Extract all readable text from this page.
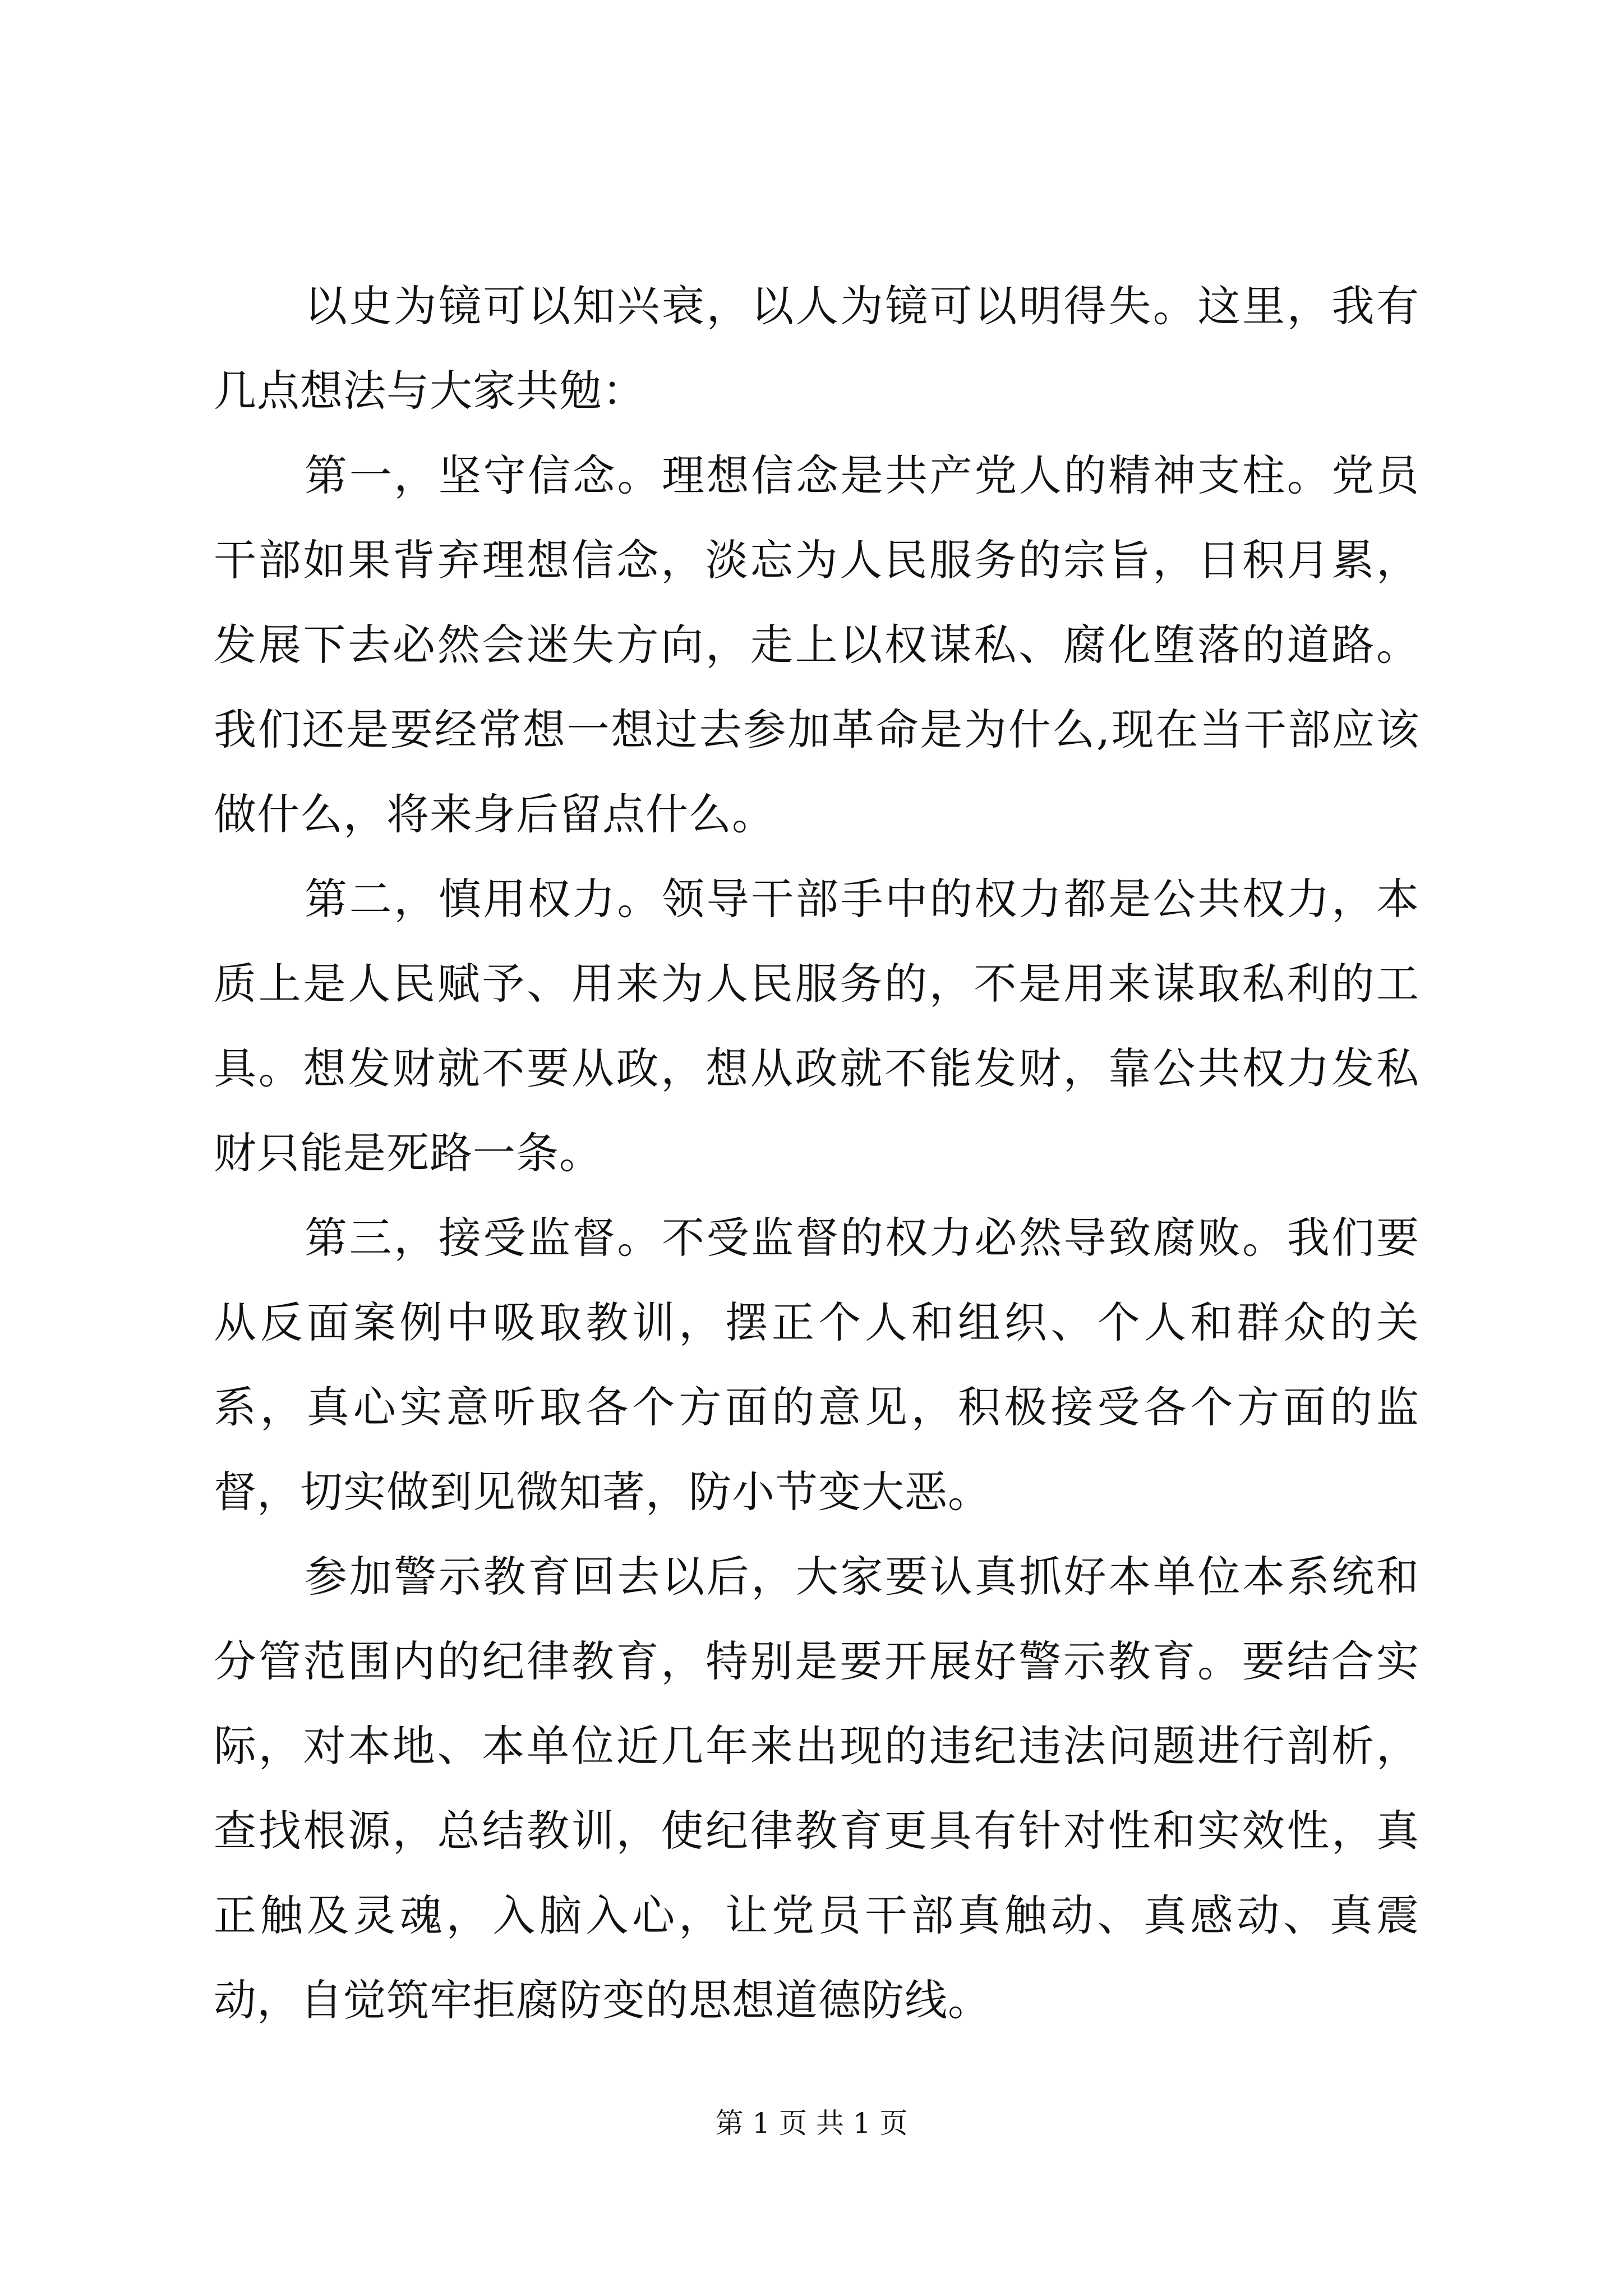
以史为镜可以知兴衰，以人为镜可以明得失。这里，我有几点想法与大家共勉：

第一，坚守信念。理想信念是共产党人的精神支柱。党员干部如果背弃理想信念，淡忘为人民服务的宗旨，日积月累，发展下去必然会迷失方向，走上以权谋私、腐化堕落的道路。我们还是要经常想一想过去参加革命是为什么,现在当干部应该做什么，将来身后留点什么。

第二，慎用权力。领导干部手中的权力都是公共权力，本质上是人民赋予、用来为人民服务的，不是用来谋取私利的工具。想发财就不要从政，想从政就不能发财，靠公共权力发私财只能是死路一条。

第三，接受监督。不受监督的权力必然导致腐败。我们要从反面案例中吸取教训，摆正个人和组织、个人和群众的关系，真心实意听取各个方面的意见，积极接受各个方面的监督，切实做到见微知著，防小节变大恶。

参加警示教育回去以后，大家要认真抓好本单位本系统和分管范围内的纪律教育，特别是要开展好警示教育。要结合实际，对本地、本单位近几年来出现的违纪违法问题进行剖析，查找根源，总结教训，使纪律教育更具有针对性和实效性，真正触及灵魂，入脑入心，让党员干部真触动、真感动、真震动，自觉筑牢拒腐防变的思想道德防线。

第 1 页 共 1 页
